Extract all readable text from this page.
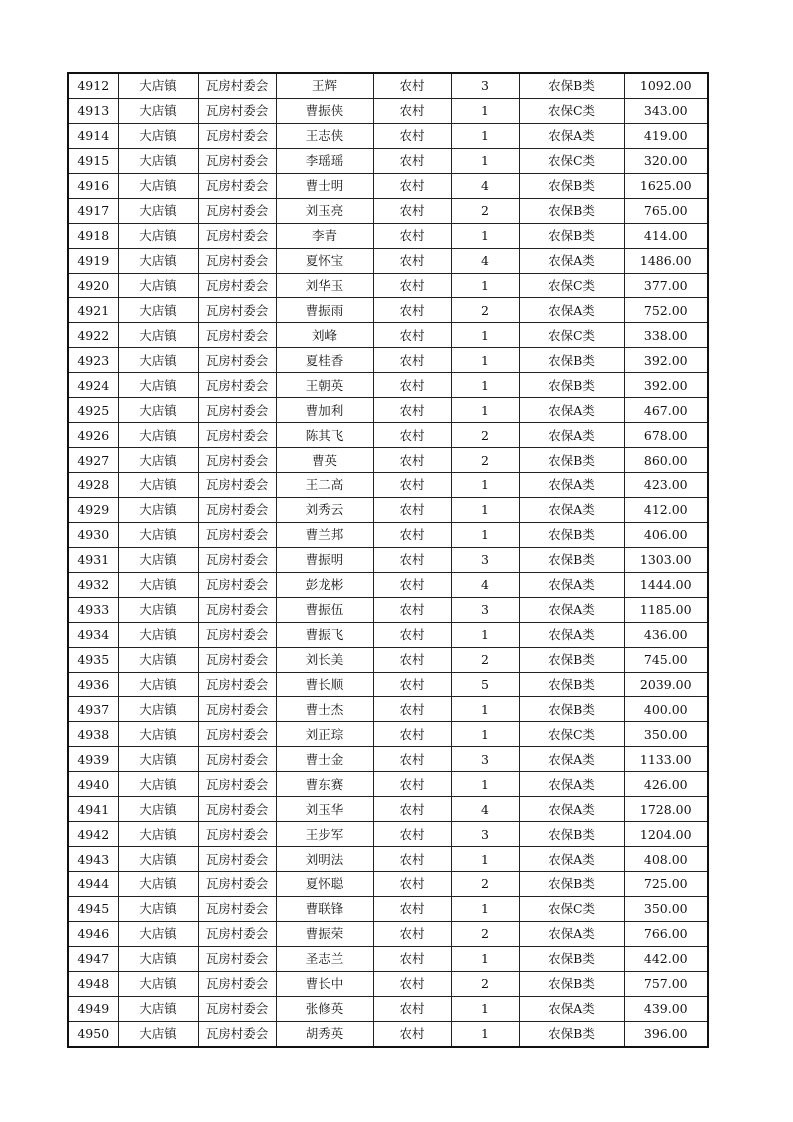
4912	大店镇	瓦房村委会	王辉	农村	3	农保B类	1092.00
4913	大店镇	瓦房村委会	曹振侠	农村	1	农保C类	343.00
4914	大店镇	瓦房村委会	王志侠	农村	1	农保A类	419.00
4915	大店镇	瓦房村委会	李瑶瑶	农村	1	农保C类	320.00
4916	大店镇	瓦房村委会	曹士明	农村	4	农保B类	1625.00
4917	大店镇	瓦房村委会	刘玉亮	农村	2	农保B类	765.00
4918	大店镇	瓦房村委会	李青	农村	1	农保B类	414.00
4919	大店镇	瓦房村委会	夏怀宝	农村	4	农保A类	1486.00
4920	大店镇	瓦房村委会	刘华玉	农村	1	农保C类	377.00
4921	大店镇	瓦房村委会	曹振雨	农村	2	农保A类	752.00
4922	大店镇	瓦房村委会	刘峰	农村	1	农保C类	338.00
4923	大店镇	瓦房村委会	夏桂香	农村	1	农保B类	392.00
4924	大店镇	瓦房村委会	王朝英	农村	1	农保B类	392.00
4925	大店镇	瓦房村委会	曹加利	农村	1	农保A类	467.00
4926	大店镇	瓦房村委会	陈其飞	农村	2	农保A类	678.00
4927	大店镇	瓦房村委会	曹英	农村	2	农保B类	860.00
4928	大店镇	瓦房村委会	王二高	农村	1	农保A类	423.00
4929	大店镇	瓦房村委会	刘秀云	农村	1	农保A类	412.00
4930	大店镇	瓦房村委会	曹兰邦	农村	1	农保B类	406.00
4931	大店镇	瓦房村委会	曹振明	农村	3	农保B类	1303.00
4932	大店镇	瓦房村委会	彭龙彬	农村	4	农保A类	1444.00
4933	大店镇	瓦房村委会	曹振伍	农村	3	农保A类	1185.00
4934	大店镇	瓦房村委会	曹振飞	农村	1	农保A类	436.00
4935	大店镇	瓦房村委会	刘长美	农村	2	农保B类	745.00
4936	大店镇	瓦房村委会	曹长顺	农村	5	农保B类	2039.00
4937	大店镇	瓦房村委会	曹士杰	农村	1	农保B类	400.00
4938	大店镇	瓦房村委会	刘正琮	农村	1	农保C类	350.00
4939	大店镇	瓦房村委会	曹士金	农村	3	农保A类	1133.00
4940	大店镇	瓦房村委会	曹东赛	农村	1	农保A类	426.00
4941	大店镇	瓦房村委会	刘玉华	农村	4	农保A类	1728.00
4942	大店镇	瓦房村委会	王步军	农村	3	农保B类	1204.00
4943	大店镇	瓦房村委会	刘明法	农村	1	农保A类	408.00
4944	大店镇	瓦房村委会	夏怀聪	农村	2	农保B类	725.00
4945	大店镇	瓦房村委会	曹联锋	农村	1	农保C类	350.00
4946	大店镇	瓦房村委会	曹振荣	农村	2	农保A类	766.00
4947	大店镇	瓦房村委会	圣志兰	农村	1	农保B类	442.00
4948	大店镇	瓦房村委会	曹长中	农村	2	农保B类	757.00
4949	大店镇	瓦房村委会	张修英	农村	1	农保A类	439.00
4950	大店镇	瓦房村委会	胡秀英	农村	1	农保B类	396.00
